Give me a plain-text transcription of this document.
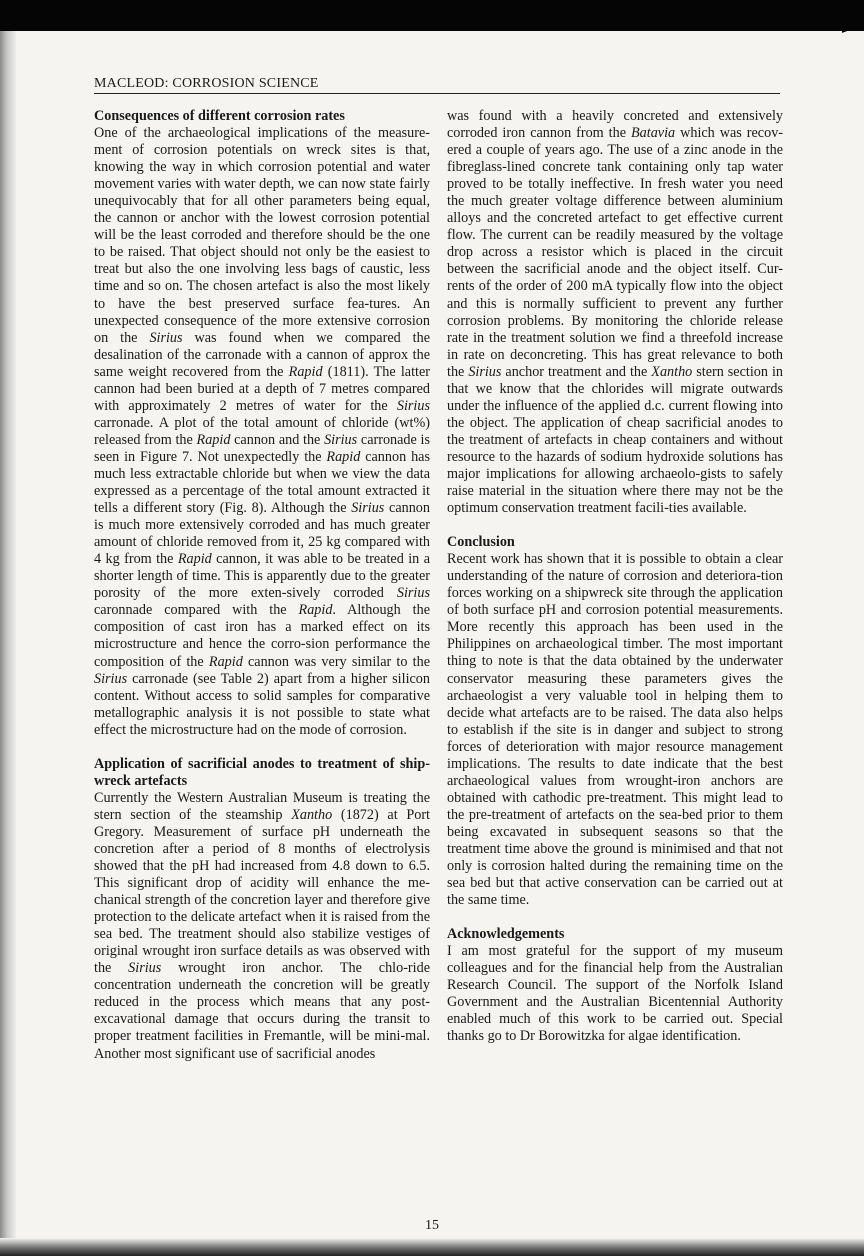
MACLEOD: CORROSION SCIENCE
Consequences of different corrosion rates

One of the archaeological implications of the measure-ment of corrosion potentials on wreck sites is that, knowing the way in which corrosion potential and water movement varies with water depth, we can now state fairly unequivocably that for all other parameters being equal, the cannon or anchor with the lowest corrosion potential will be the least corroded and therefore should be the one to be raised. That object should not only be the easiest to treat but also the one involving less bags of caustic, less time and so on. The chosen artefact is also the most likely to have the best preserved surface fea-tures. An unexpected consequence of the more extensive corrosion on the Sirius was found when we compared the desalination of the carronade with a cannon of approx the same weight recovered from the Rapid (1811). The latter cannon had been buried at a depth of 7 metres compared with approximately 2 metres of water for the Sirius carronade. A plot of the total amount of chloride (wt%) released from the Rapid cannon and the Sirius carronade is seen in Figure 7. Not unexpectedly the Rapid cannon has much less extractable chloride but when we view the data expressed as a percentage of the total amount extracted it tells a different story (Fig. 8). Although the Sirius cannon is much more extensively corroded and has much greater amount of chloride removed from it, 25 kg compared with 4 kg from the Rapid cannon, it was able to be treated in a shorter length of time. This is apparently due to the greater porosity of the more exten-sively corroded Sirius caronnade compared with the Rapid. Although the composition of cast iron has a marked effect on its microstructure and hence the corro-sion performance the composition of the Rapid cannon was very similar to the Sirius carronade (see Table 2) apart from a higher silicon content. Without access to solid samples for comparative metallographic analysis it is not possible to state what effect the microstructure had on the mode of corrosion.

Application of sacrificial anodes to treatment of ship-wreck artefacts

Currently the Western Australian Museum is treating the stern section of the steamship Xantho (1872) at Port Gregory. Measurement of surface pH underneath the concretion after a period of 8 months of electrolysis showed that the pH had increased from 4.8 down to 6.5. This significant drop of acidity will enhance the me-chanical strength of the concretion layer and therefore give protection to the delicate artefact when it is raised from the sea bed. The treatment should also stabilize vestiges of original wrought iron surface details as was observed with the Sirius wrought iron anchor. The chlo-ride concentration underneath the concretion will be greatly reduced in the process which means that any post-excavational damage that occurs during the transit to proper treatment facilities in Fremantle, will be mini-mal. Another most significant use of sacrificial anodes

was found with a heavily concreted and extensively corroded iron cannon from the Batavia which was recov-ered a couple of years ago. The use of a zinc anode in the fibreglass-lined concrete tank containing only tap water proved to be totally ineffective. In fresh water you need the much greater voltage difference between aluminium alloys and the concreted artefact to get effective current flow. The current can be readily measured by the voltage drop across a resistor which is placed in the circuit between the sacrificial anode and the object itself. Cur-rents of the order of 200 mA typically flow into the object and this is normally sufficient to prevent any further corrosion problems. By monitoring the chloride release rate in the treatment solution we find a threefold increase in rate on deconcreting. This has great relevance to both the Sirius anchor treatment and the Xantho stern section in that we know that the chlorides will migrate outwards under the influence of the applied d.c. current flowing into the object. The application of cheap sacrificial anodes to the treatment of artefacts in cheap containers and without resource to the hazards of sodium hydroxide solutions has major implications for allowing archaeolo-gists to safely raise material in the situation where there may not be the optimum conservation treatment facili-ties available.

Conclusion

Recent work has shown that it is possible to obtain a clear understanding of the nature of corrosion and deteriora-tion forces working on a shipwreck site through the application of both surface pH and corrosion potential measurements. More recently this approach has been used in the Philippines on archaeological timber. The most important thing to note is that the data obtained by the underwater conservator measuring these parameters gives the archaeologist a very valuable tool in helping them to decide what artefacts are to be raised. The data also helps to establish if the site is in danger and subject to strong forces of deterioration with major resource management implications. The results to date indicate that the best archaeological values from wrought-iron anchors are obtained with cathodic pre-treatment. This might lead to the pre-treatment of artefacts on the sea-bed prior to them being excavated in subsequent seasons so that the treatment time above the ground is minimised and that not only is corrosion halted during the remaining time on the sea bed but that active conservation can be carried out at the same time.

Acknowledgements

I am most grateful for the support of my museum colleagues and for the financial help from the Australian Research Council. The support of the Norfolk Island Government and the Australian Bicentennial Authority enabled much of this work to be carried out. Special thanks go to Dr Borowitzka for algae identification.

15
